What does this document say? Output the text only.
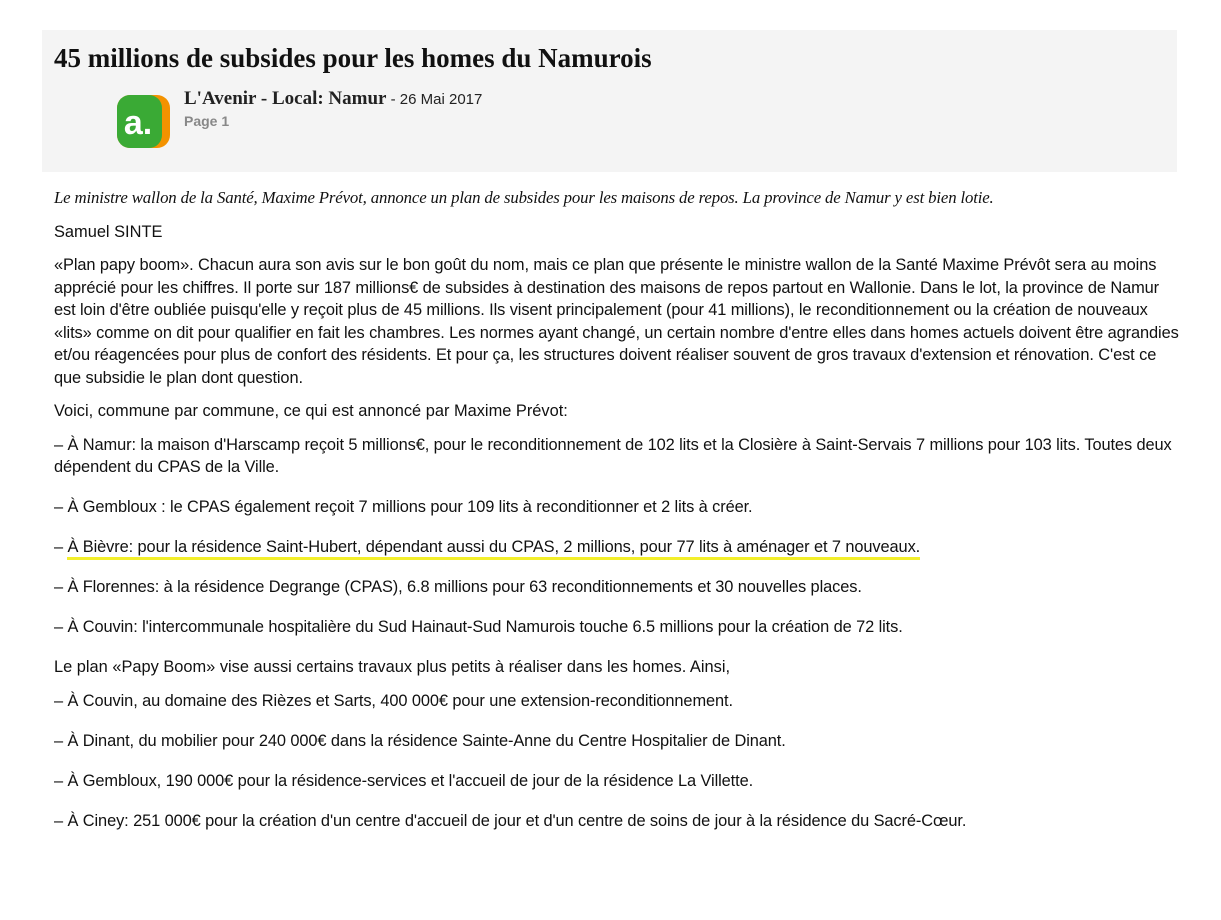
45 millions de subsides pour les homes du Namurois
a.
L'Avenir - Local: Namur - 26 Mai 2017
Page 1

Le ministre wallon de la Santé, Maxime Prévot, annonce un plan de subsides pour les maisons de repos. La province de Namur y est bien lotie.

Samuel SINTE

«Plan papy boom». Chacun aura son avis sur le bon goût du nom, mais ce plan que présente le ministre wallon de la Santé Maxime Prévôt sera au moins apprécié pour les chiffres. Il porte sur 187 millions€ de subsides à destination des maisons de repos partout en Wallonie. Dans le lot, la province de Namur est loin d'être oubliée puisqu'elle y reçoit plus de 45 millions. Ils visent principalement (pour 41 millions), le reconditionnement ou la création de nouveaux «lits» comme on dit pour qualifier en fait les chambres. Les normes ayant changé, un certain nombre d'entre elles dans homes actuels doivent être agrandies et/ou réagencées pour plus de confort des résidents. Et pour ça, les structures doivent réaliser souvent de gros travaux d'extension et rénovation. C'est ce que subsidie le plan dont question.

Voici, commune par commune, ce qui est annoncé par Maxime Prévot:

– À Namur: la maison d'Harscamp reçoit 5 millions€, pour le reconditionnement de 102 lits et la Closière à Saint-Servais 7 millions pour 103 lits. Toutes deux dépendent du CPAS de la Ville.
– À Gembloux : le CPAS également reçoit 7 millions pour 109 lits à reconditionner et 2 lits à créer.
– À Bièvre: pour la résidence Saint-Hubert, dépendant aussi du CPAS, 2 millions, pour 77 lits à aménager et 7 nouveaux.
– À Florennes: à la résidence Degrange (CPAS), 6.8 millions pour 63 reconditionnements et 30 nouvelles places.
– À Couvin: l'intercommunale hospitalière du Sud Hainaut-Sud Namurois touche 6.5 millions pour la création de 72 lits.

Le plan «Papy Boom» vise aussi certains travaux plus petits à réaliser dans les homes. Ainsi,

– À Couvin, au domaine des Rièzes et Sarts, 400 000€ pour une extension-reconditionnement.
– À Dinant, du mobilier pour 240 000€ dans la résidence Sainte-Anne du Centre Hospitalier de Dinant.
– À Gembloux, 190 000€ pour la résidence-services et l'accueil de jour de la résidence La Villette.
– À Ciney: 251 000€ pour la création d'un centre d'accueil de jour et d'un centre de soins de jour à la résidence du Sacré-Cœur.
